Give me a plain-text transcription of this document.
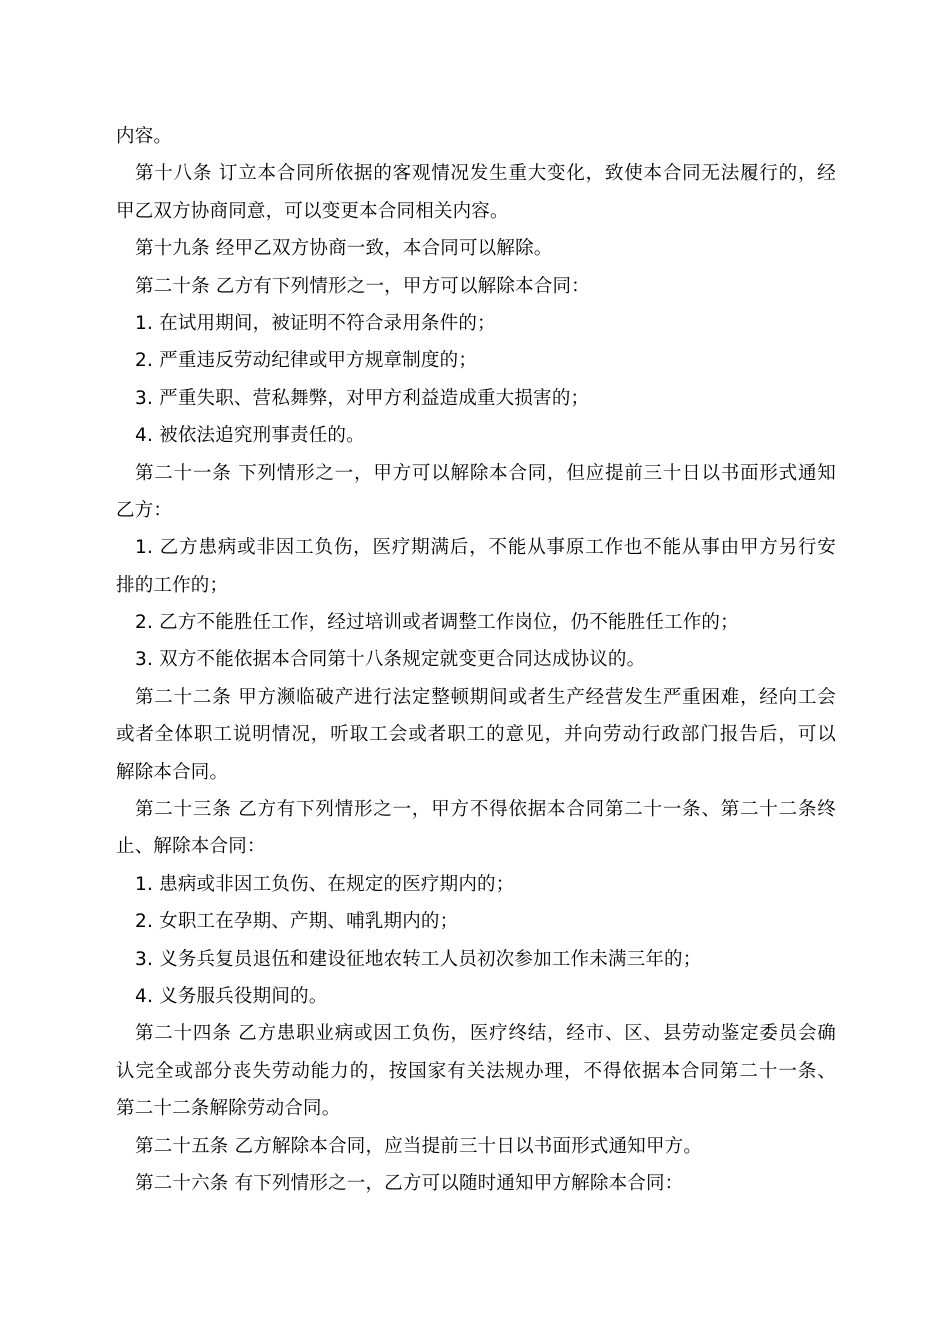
内容。
第十八条 订立本合同所依据的客观情况发生重大变化，致使本合同无法履行的，经
甲乙双方协商同意，可以变更本合同相关内容。
第十九条 经甲乙双方协商一致，本合同可以解除。
第二十条 乙方有下列情形之一，甲方可以解除本合同：
1. 在试用期间，被证明不符合录用条件的；
2. 严重违反劳动纪律或甲方规章制度的；
3. 严重失职、营私舞弊，对甲方利益造成重大损害的；
4. 被依法追究刑事责任的。
第二十一条 下列情形之一，甲方可以解除本合同，但应提前三十日以书面形式通知
乙方：
1. 乙方患病或非因工负伤，医疗期满后，不能从事原工作也不能从事由甲方另行安
排的工作的；
2. 乙方不能胜任工作，经过培训或者调整工作岗位，仍不能胜任工作的；
3. 双方不能依据本合同第十八条规定就变更合同达成协议的。
第二十二条 甲方濒临破产进行法定整顿期间或者生产经营发生严重困难，经向工会
或者全体职工说明情况，听取工会或者职工的意见，并向劳动行政部门报告后，可以
解除本合同。
第二十三条 乙方有下列情形之一，甲方不得依据本合同第二十一条、第二十二条终
止、解除本合同：
1. 患病或非因工负伤、在规定的医疗期内的；
2. 女职工在孕期、产期、哺乳期内的；
3. 义务兵复员退伍和建设征地农转工人员初次参加工作未满三年的；
4. 义务服兵役期间的。
第二十四条 乙方患职业病或因工负伤，医疗终结，经市、区、县劳动鉴定委员会确
认完全或部分丧失劳动能力的，按国家有关法规办理，不得依据本合同第二十一条、
第二十二条解除劳动合同。
第二十五条 乙方解除本合同，应当提前三十日以书面形式通知甲方。
第二十六条 有下列情形之一，乙方可以随时通知甲方解除本合同：
